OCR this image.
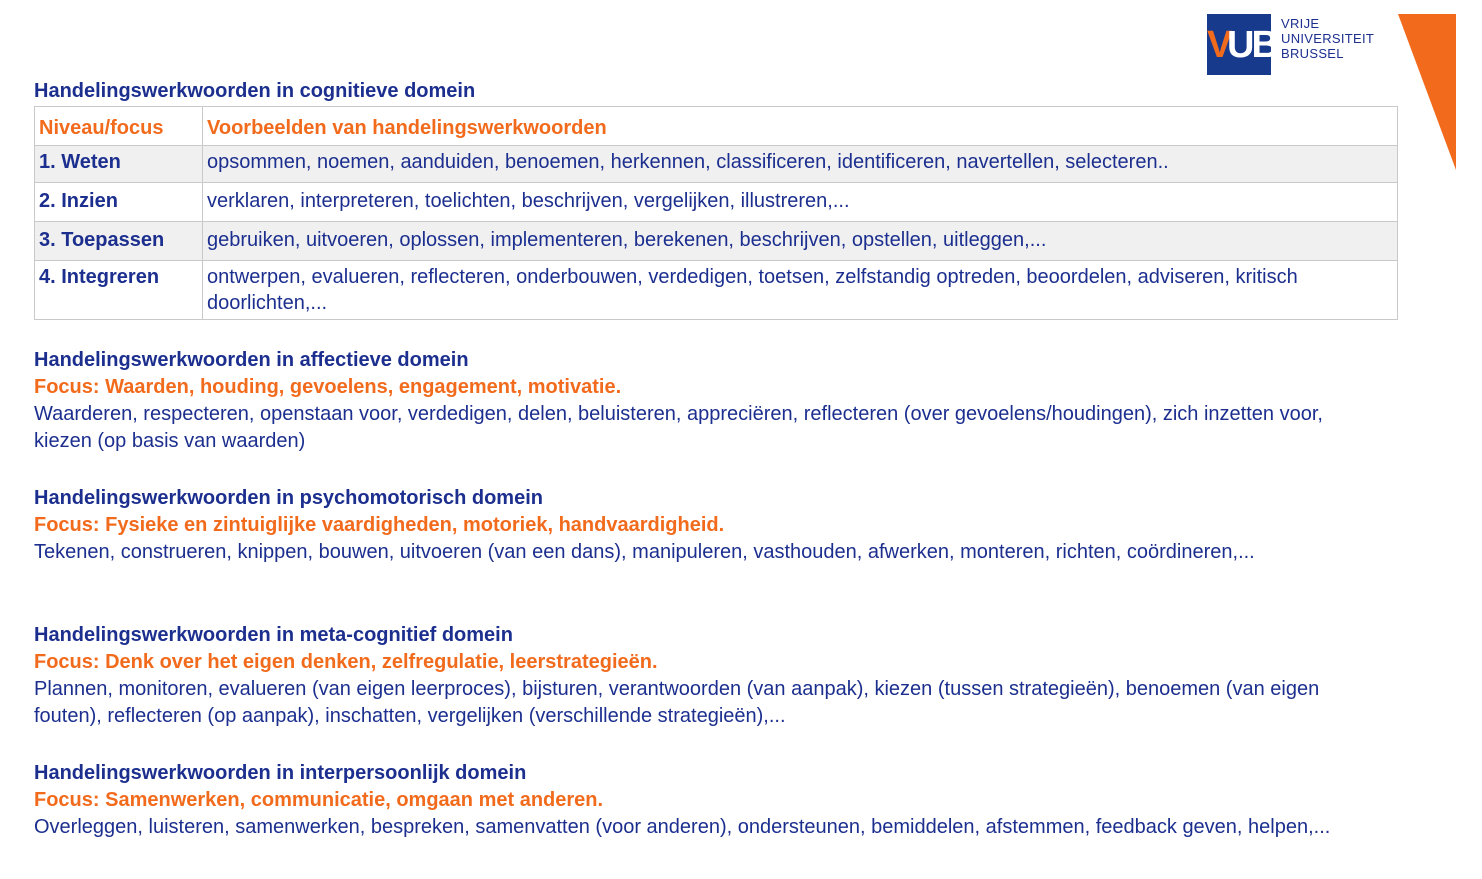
V
UB
VRIJE
UNIVERSITEIT
BRUSSEL
Handelingswerkwoorden in cognitieve domein
Niveau/focus	Voorbeelden van handelingswerkwoorden
1. Weten	opsommen, noemen, aanduiden, benoemen, herkennen, classificeren, identificeren, navertellen, selecteren..
2. Inzien	verklaren, interpreteren, toelichten, beschrijven, vergelijken, illustreren,...
3. Toepassen	gebruiken, uitvoeren, oplossen, implementeren, berekenen, beschrijven, opstellen, uitleggen,...
4. Integreren	ontwerpen, evalueren, reflecteren, onderbouwen, verdedigen, toetsen, zelfstandig optreden, beoordelen, adviseren, kritisch doorlichten,...
Handelingswerkwoorden in affectieve domein
Focus: Waarden, houding, gevoelens, engagement, motivatie.
Waarderen, respecteren, openstaan voor, verdedigen, delen, beluisteren, appreciëren, reflecteren (over gevoelens/houdingen), zich inzetten voor, kiezen (op basis van waarden)
Handelingswerkwoorden in psychomotorisch domein
Focus: Fysieke en zintuiglijke vaardigheden, motoriek, handvaardigheid.
Tekenen, construeren, knippen, bouwen, uitvoeren (van een dans), manipuleren, vasthouden, afwerken, monteren, richten, coördineren,...
Handelingswerkwoorden in meta-cognitief domein
Focus: Denk over het eigen denken, zelfregulatie, leerstrategieën.
Plannen, monitoren, evalueren (van eigen leerproces), bijsturen, verantwoorden (van aanpak), kiezen (tussen strategieën), benoemen (van eigen fouten), reflecteren (op aanpak), inschatten, vergelijken (verschillende strategieën),...
Handelingswerkwoorden in interpersoonlijk domein
Focus: Samenwerken, communicatie, omgaan met anderen.
Overleggen, luisteren, samenwerken, bespreken, samenvatten (voor anderen), ondersteunen, bemiddelen, afstemmen, feedback geven, helpen,...
